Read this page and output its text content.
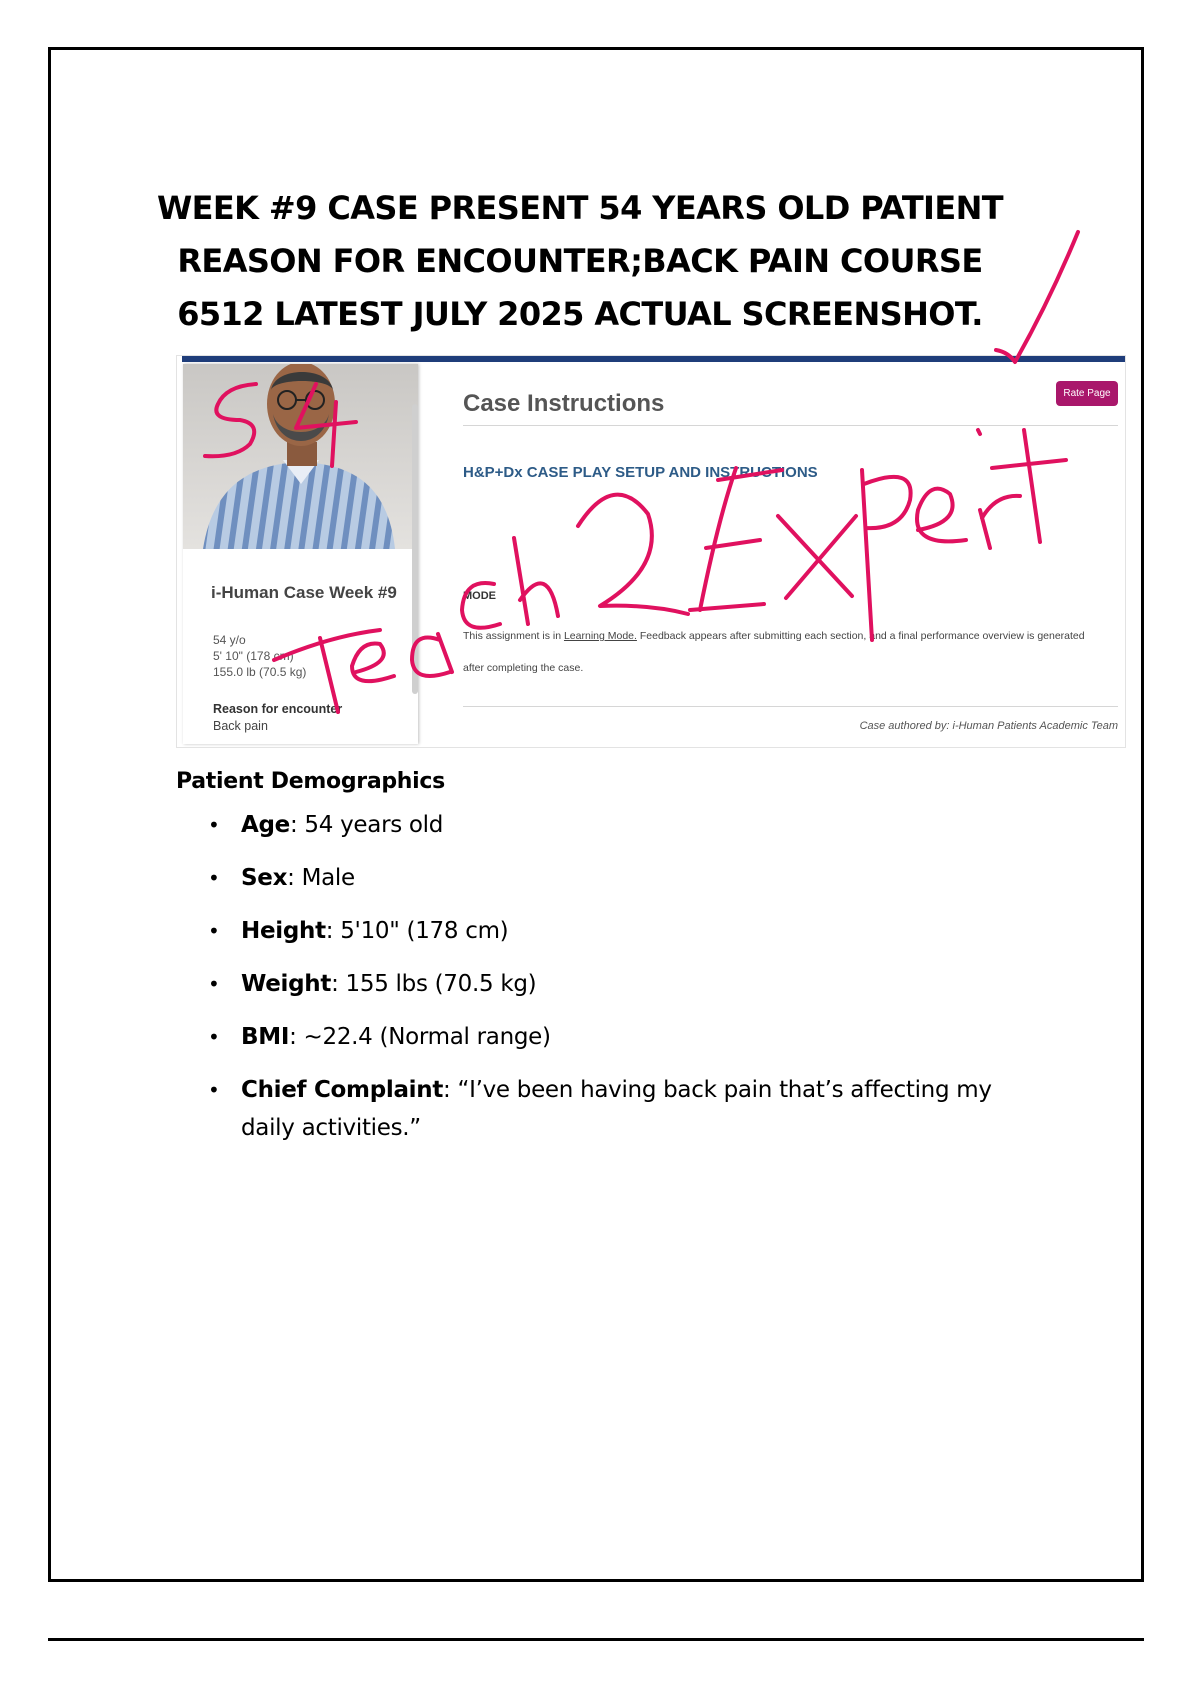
WEEK #9 CASE PRESENT 54 YEARS OLD PATIENT
REASON FOR ENCOUNTER;BACK PAIN COURSE
6512 LATEST JULY 2025 ACTUAL SCREENSHOT.
i-Human Case Week #9
54 y/o
5' 10" (178 cm)
155.0 lb (70.5 kg)
Reason for encounter
Back pain
Case Instructions	Rate Page
H&P+Dx CASE PLAY SETUP AND INSTRUCTIONS
MODE
This assignment is in Learning Mode. Feedback appears after submitting each section, and a final performance overview is generated after completing the case.
Case authored by: i-Human Patients Academic Team
Patient Demographics
• Age: 54 years old
• Sex: Male
• Height: 5'10" (178 cm)
• Weight: 155 lbs (70.5 kg)
• BMI: ~22.4 (Normal range)
• Chief Complaint: “I’ve been having back pain that’s affecting my daily activities.”
